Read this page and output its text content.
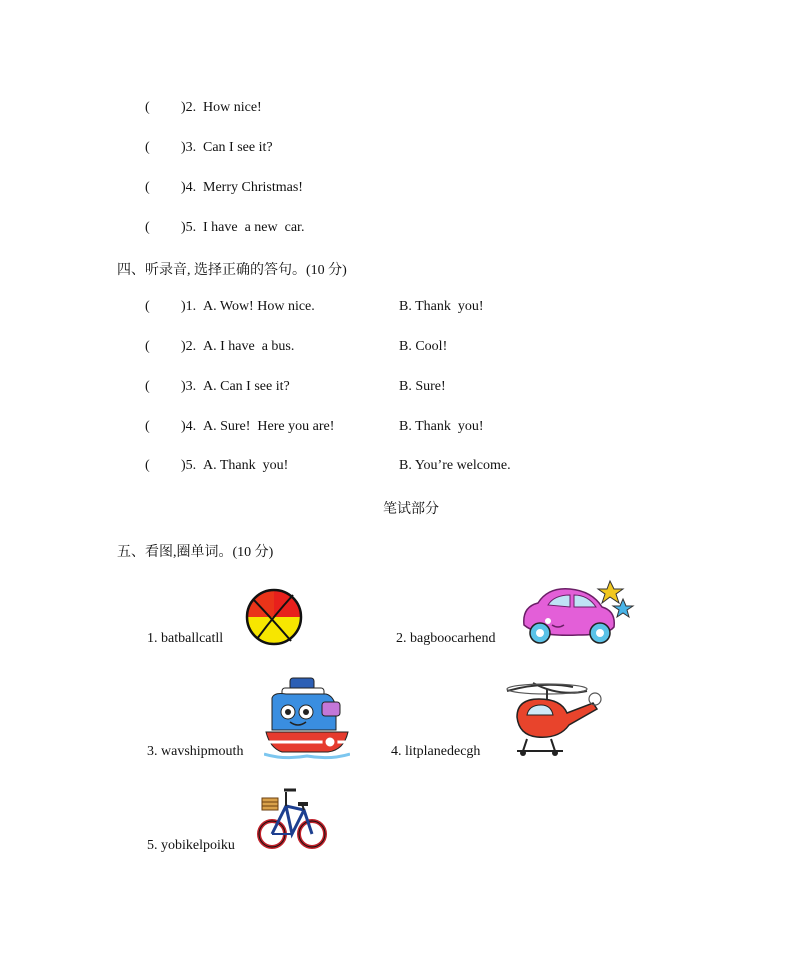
( )2. How nice!
( )3. Can I see it?
( )4. Merry Christmas!
( )5. I have  a new  car.
四、听录音, 选择正确的答句。(10 分)
( )1. A. Wow! How nice.	B. Thank  you!
( )2. A. I have  a bus.	B. Cool!
( )3. A. Can I see it?	B. Sure!
( )4. A. Sure!  Here you are!	B. Thank  you!
( )5. A. Thank  you!	B. You’re welcome.
笔试部分
五、看图,圈单词。(10 分)
1. batballcatll	2. bagboocarhend
3. wavshipmouth	4. litplanedecgh
5. yobikelpoiku
